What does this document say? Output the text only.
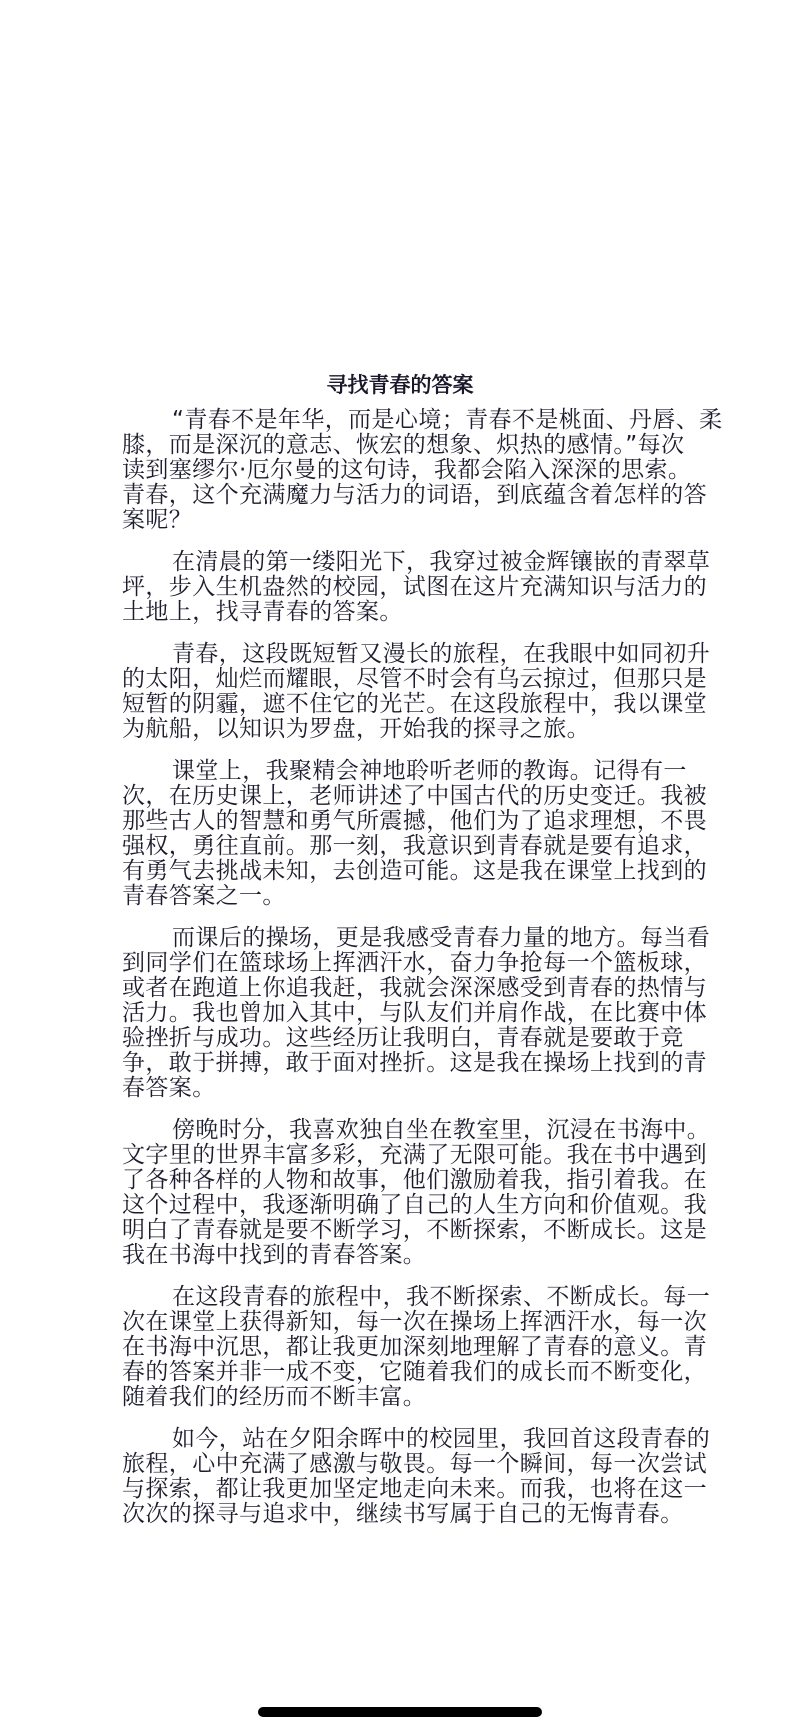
寻找青春的答案
“青春不是年华，而是心境；青春不是桃面、丹唇、柔
膝，而是深沉的意志、恢宏的想象、炽热的感情。”每次
读到塞缪尔·厄尔曼的这句诗，我都会陷入深深的思索。
青春，这个充满魔力与活力的词语，到底蕴含着怎样的答
案呢？
在清晨的第一缕阳光下，我穿过被金辉镶嵌的青翠草
坪，步入生机盎然的校园，试图在这片充满知识与活力的
土地上，找寻青春的答案。
青春，这段既短暂又漫长的旅程，在我眼中如同初升
的太阳，灿烂而耀眼，尽管不时会有乌云掠过，但那只是
短暂的阴霾，遮不住它的光芒。在这段旅程中，我以课堂
为航船，以知识为罗盘，开始我的探寻之旅。
课堂上，我聚精会神地聆听老师的教诲。记得有一
次，在历史课上，老师讲述了中国古代的历史变迁。我被
那些古人的智慧和勇气所震撼，他们为了追求理想，不畏
强权，勇往直前。那一刻，我意识到青春就是要有追求，
有勇气去挑战未知，去创造可能。这是我在课堂上找到的
青春答案之一。
而课后的操场，更是我感受青春力量的地方。每当看
到同学们在篮球场上挥洒汗水，奋力争抢每一个篮板球，
或者在跑道上你追我赶，我就会深深感受到青春的热情与
活力。我也曾加入其中，与队友们并肩作战，在比赛中体
验挫折与成功。这些经历让我明白，青春就是要敢于竞
争，敢于拼搏，敢于面对挫折。这是我在操场上找到的青
春答案。
傍晚时分，我喜欢独自坐在教室里，沉浸在书海中。
文字里的世界丰富多彩，充满了无限可能。我在书中遇到
了各种各样的人物和故事，他们激励着我，指引着我。在
这个过程中，我逐渐明确了自己的人生方向和价值观。我
明白了青春就是要不断学习，不断探索，不断成长。这是
我在书海中找到的青春答案。
在这段青春的旅程中，我不断探索、不断成长。每一
次在课堂上获得新知，每一次在操场上挥洒汗水，每一次
在书海中沉思，都让我更加深刻地理解了青春的意义。青
春的答案并非一成不变，它随着我们的成长而不断变化，
随着我们的经历而不断丰富。
如今，站在夕阳余晖中的校园里，我回首这段青春的
旅程，心中充满了感激与敬畏。每一个瞬间，每一次尝试
与探索，都让我更加坚定地走向未来。而我，也将在这一
次次的探寻与追求中，继续书写属于自己的无悔青春。
